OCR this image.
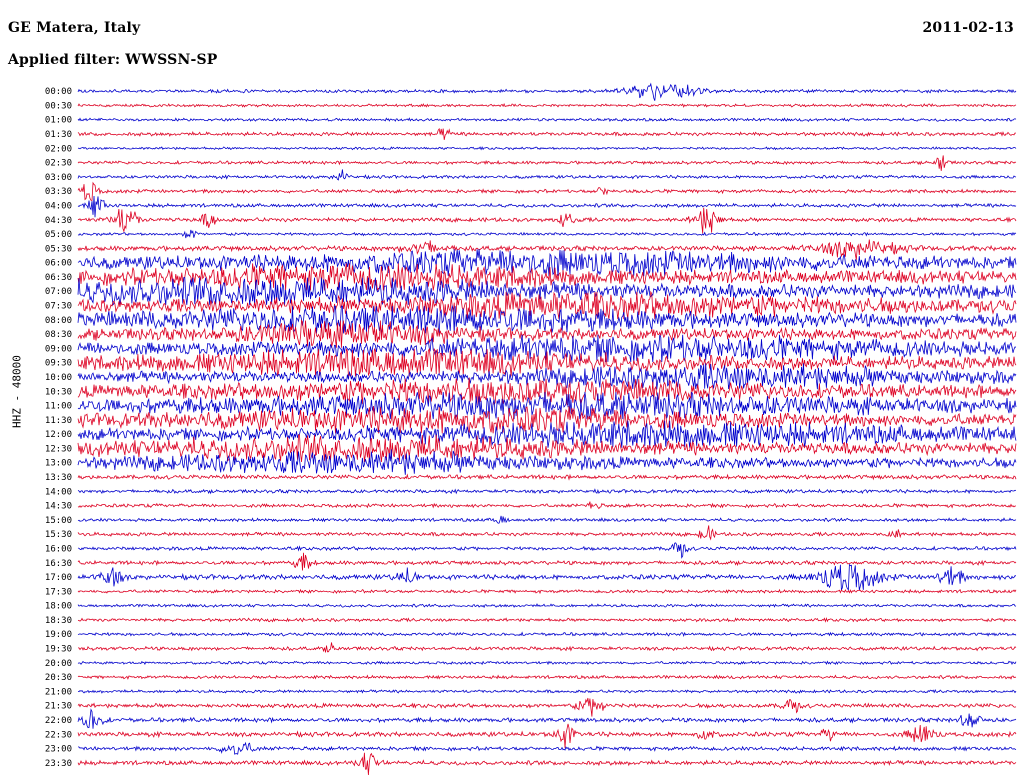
GE Matera, Italy
Applied filter: WWSSN-SP
2011-02-13
HHZ - 48000
00:00
00:30
01:00
01:30
02:00
02:30
03:00
03:30
04:00
04:30
05:00
05:30
06:00
06:30
07:00
07:30
08:00
08:30
09:00
09:30
10:00
10:30
11:00
11:30
12:00
12:30
13:00
13:30
14:00
14:30
15:00
15:30
16:00
16:30
17:00
17:30
18:00
18:30
19:00
19:30
20:00
20:30
21:00
21:30
22:00
22:30
23:00
23:30
